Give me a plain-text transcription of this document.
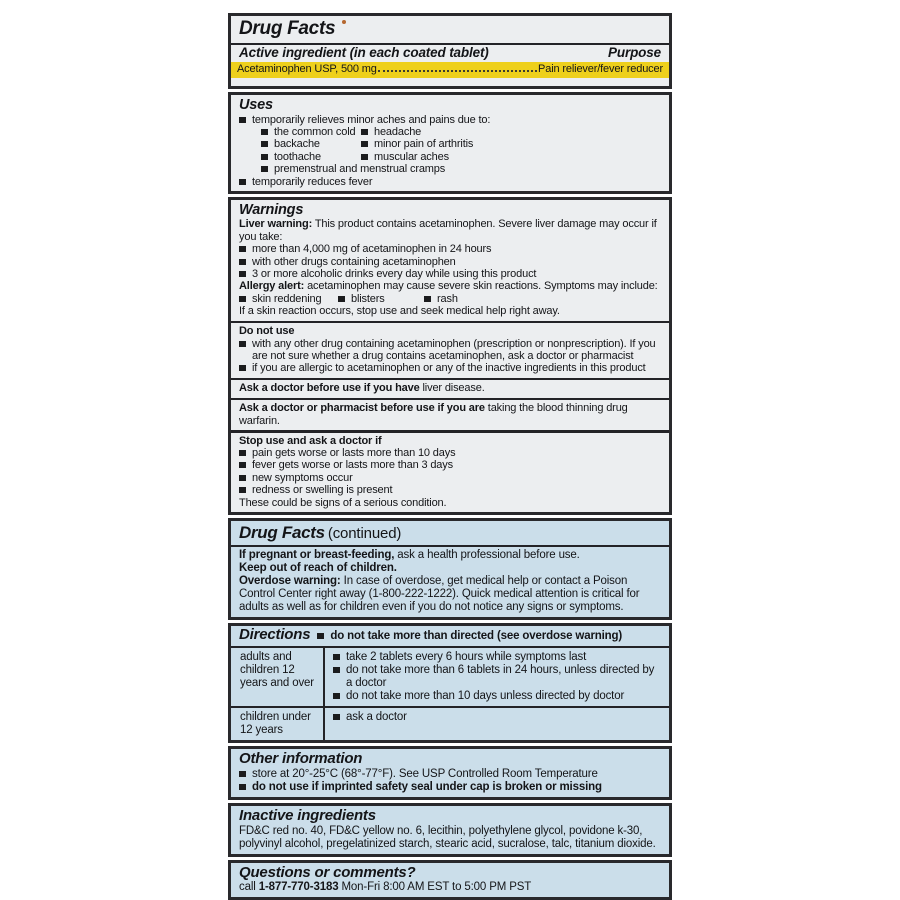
Drug Facts
Active ingredient (in each coated tablet)	Purpose
Acetaminophen USP, 500 mg	Pain reliever/fever reducer
Uses
temporarily relieves minor aches and pains due to:
the common cold	headache
backache	minor pain of arthritis
toothache	muscular aches
premenstrual and menstrual cramps
temporarily reduces fever
Warnings
Liver warning: This product contains acetaminophen. Severe liver damage may occur if you take:
more than 4,000 mg of acetaminophen in 24 hours
with other drugs containing acetaminophen
3 or more alcoholic drinks every day while using this product
Allergy alert: acetaminophen may cause severe skin reactions. Symptoms may include:
skin reddening	blisters	rash
If a skin reaction occurs, stop use and seek medical help right away.
Do not use
with any other drug containing acetaminophen (prescription or nonprescription). If you are not sure whether a drug contains acetaminophen, ask a doctor or pharmacist
if you are allergic to acetaminophen or any of the inactive ingredients in this product
Ask a doctor before use if you have liver disease.
Ask a doctor or pharmacist before use if you are taking the blood thinning drug warfarin.
Stop use and ask a doctor if
pain gets worse or lasts more than 10 days
fever gets worse or lasts more than 3 days
new symptoms occur
redness or swelling is present
These could be signs of a serious condition.
Drug Facts (continued)
If pregnant or breast-feeding, ask a health professional before use.
Keep out of reach of children.
Overdose warning: In case of overdose, get medical help or contact a Poison Control Center right away (1-800-222-1222). Quick medical attention is critical for adults as well as for children even if you do not notice any signs or symptoms.
Directions	do not take more than directed (see overdose warning)
adults and children 12 years and over
take 2 tablets every 6 hours while symptoms last
do not take more than 6 tablets in 24 hours, unless directed by a doctor
do not take more than 10 days unless directed by doctor
children under 12 years
ask a doctor
Other information
store at 20°-25°C (68°-77°F). See USP Controlled Room Temperature
do not use if imprinted safety seal under cap is broken or missing
Inactive ingredients
FD&C red no. 40, FD&C yellow no. 6, lecithin, polyethylene glycol, povidone k-30, polyvinyl alcohol, pregelatinized starch, stearic acid, sucralose, talc, titanium dioxide.
Questions or comments?
call 1-877-770-3183 Mon-Fri 8:00 AM EST to 5:00 PM PST
